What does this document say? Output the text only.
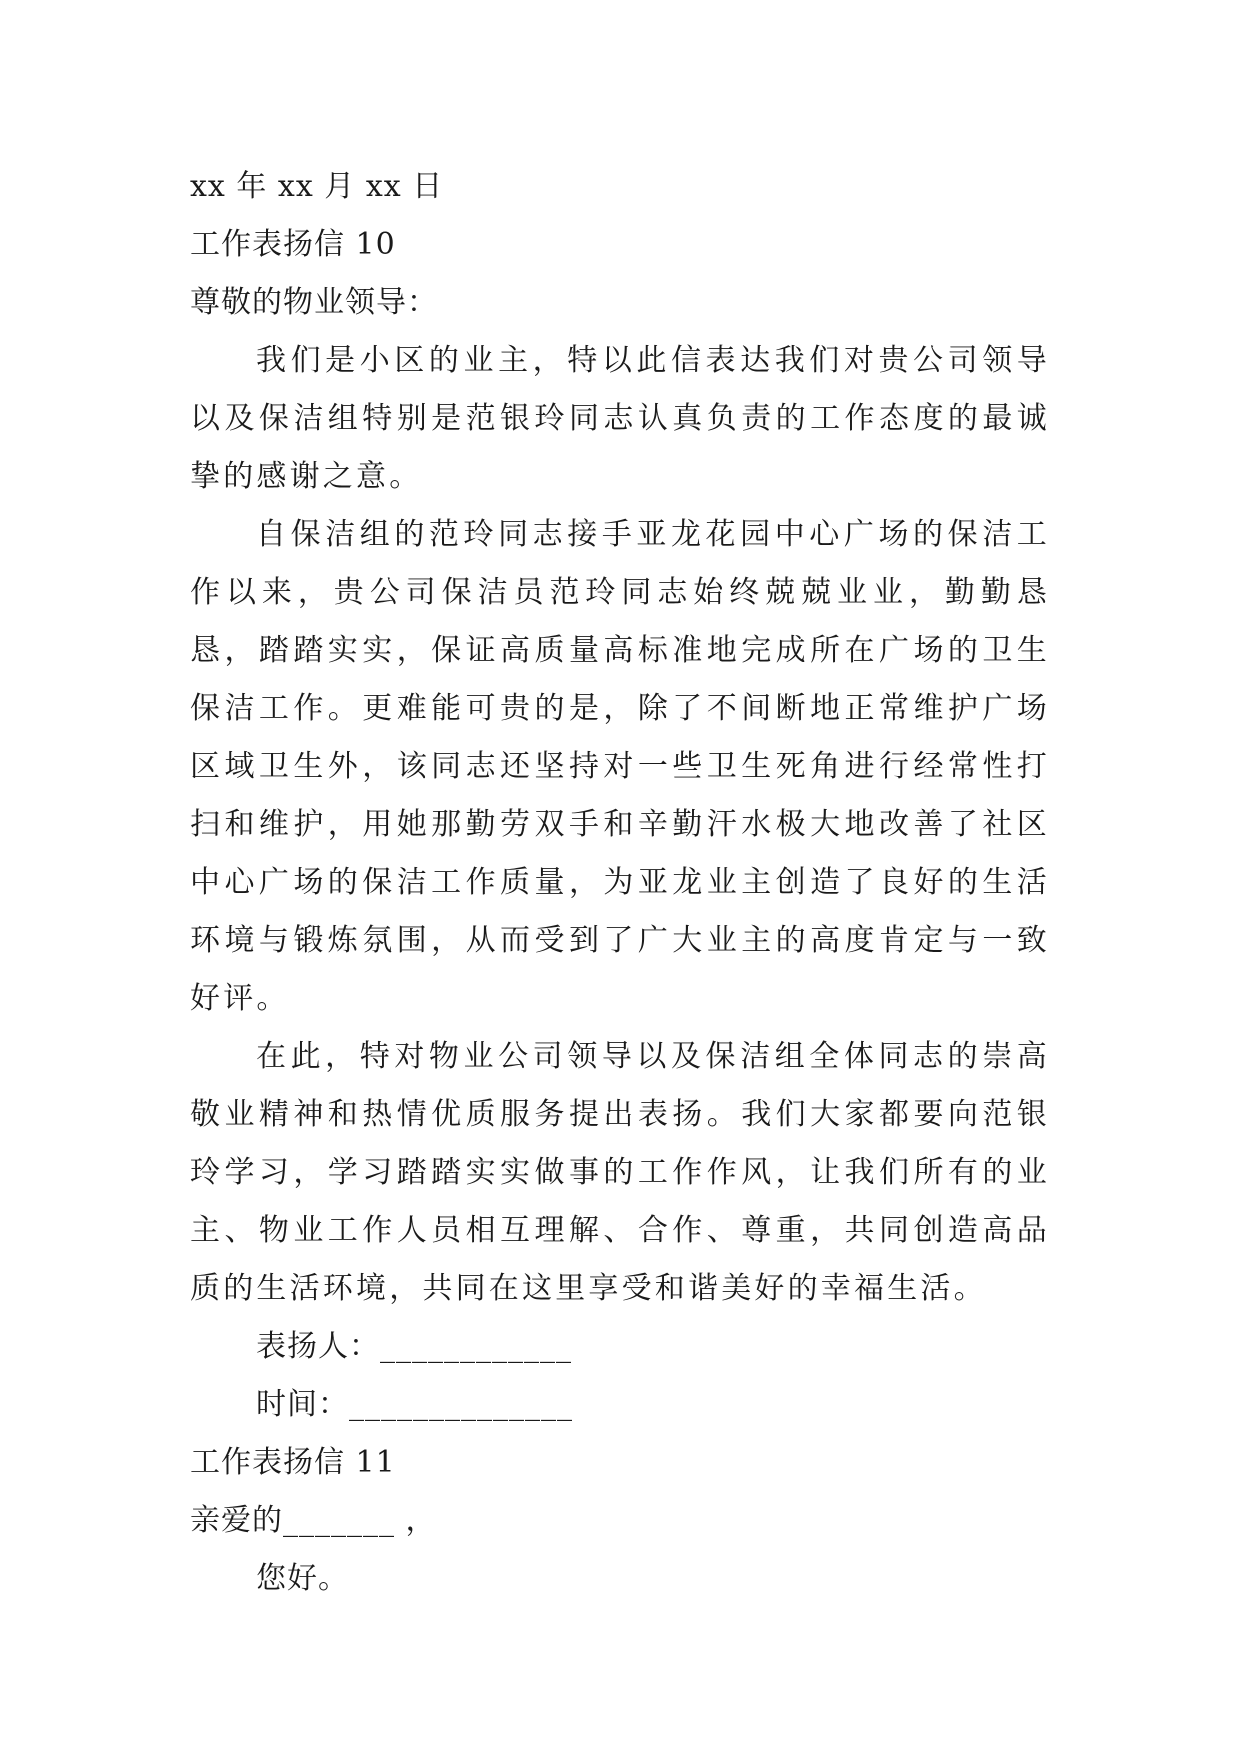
xx 年 xx 月 xx 日

工作表扬信 10

尊敬的物业领导：

我们是小区的业主，特以此信表达我们对贵公司领导以及保洁组特别是范银玲同志认真负责的工作态度的最诚挚的感谢之意。

自保洁组的范玲同志接手亚龙花园中心广场的保洁工作以来，贵公司保洁员范玲同志始终兢兢业业，勤勤恳恳，踏踏实实，保证高质量高标准地完成所在广场的卫生保洁工作。更难能可贵的是，除了不间断地正常维护广场区域卫生外，该同志还坚持对一些卫生死角进行经常性打扫和维护，用她那勤劳双手和辛勤汗水极大地改善了社区中心广场的保洁工作质量，为亚龙业主创造了良好的生活环境与锻炼氛围，从而受到了广大业主的高度肯定与一致好评。

在此，特对物业公司领导以及保洁组全体同志的崇高敬业精神和热情优质服务提出表扬。我们大家都要向范银玲学习，学习踏踏实实做事的工作作风，让我们所有的业主、物业工作人员相互理解、合作、尊重，共同创造高品质的生活环境，共同在这里享受和谐美好的幸福生活。

表扬人：____________

时间：______________

工作表扬信 11

亲爱的_______ ，

您好。
